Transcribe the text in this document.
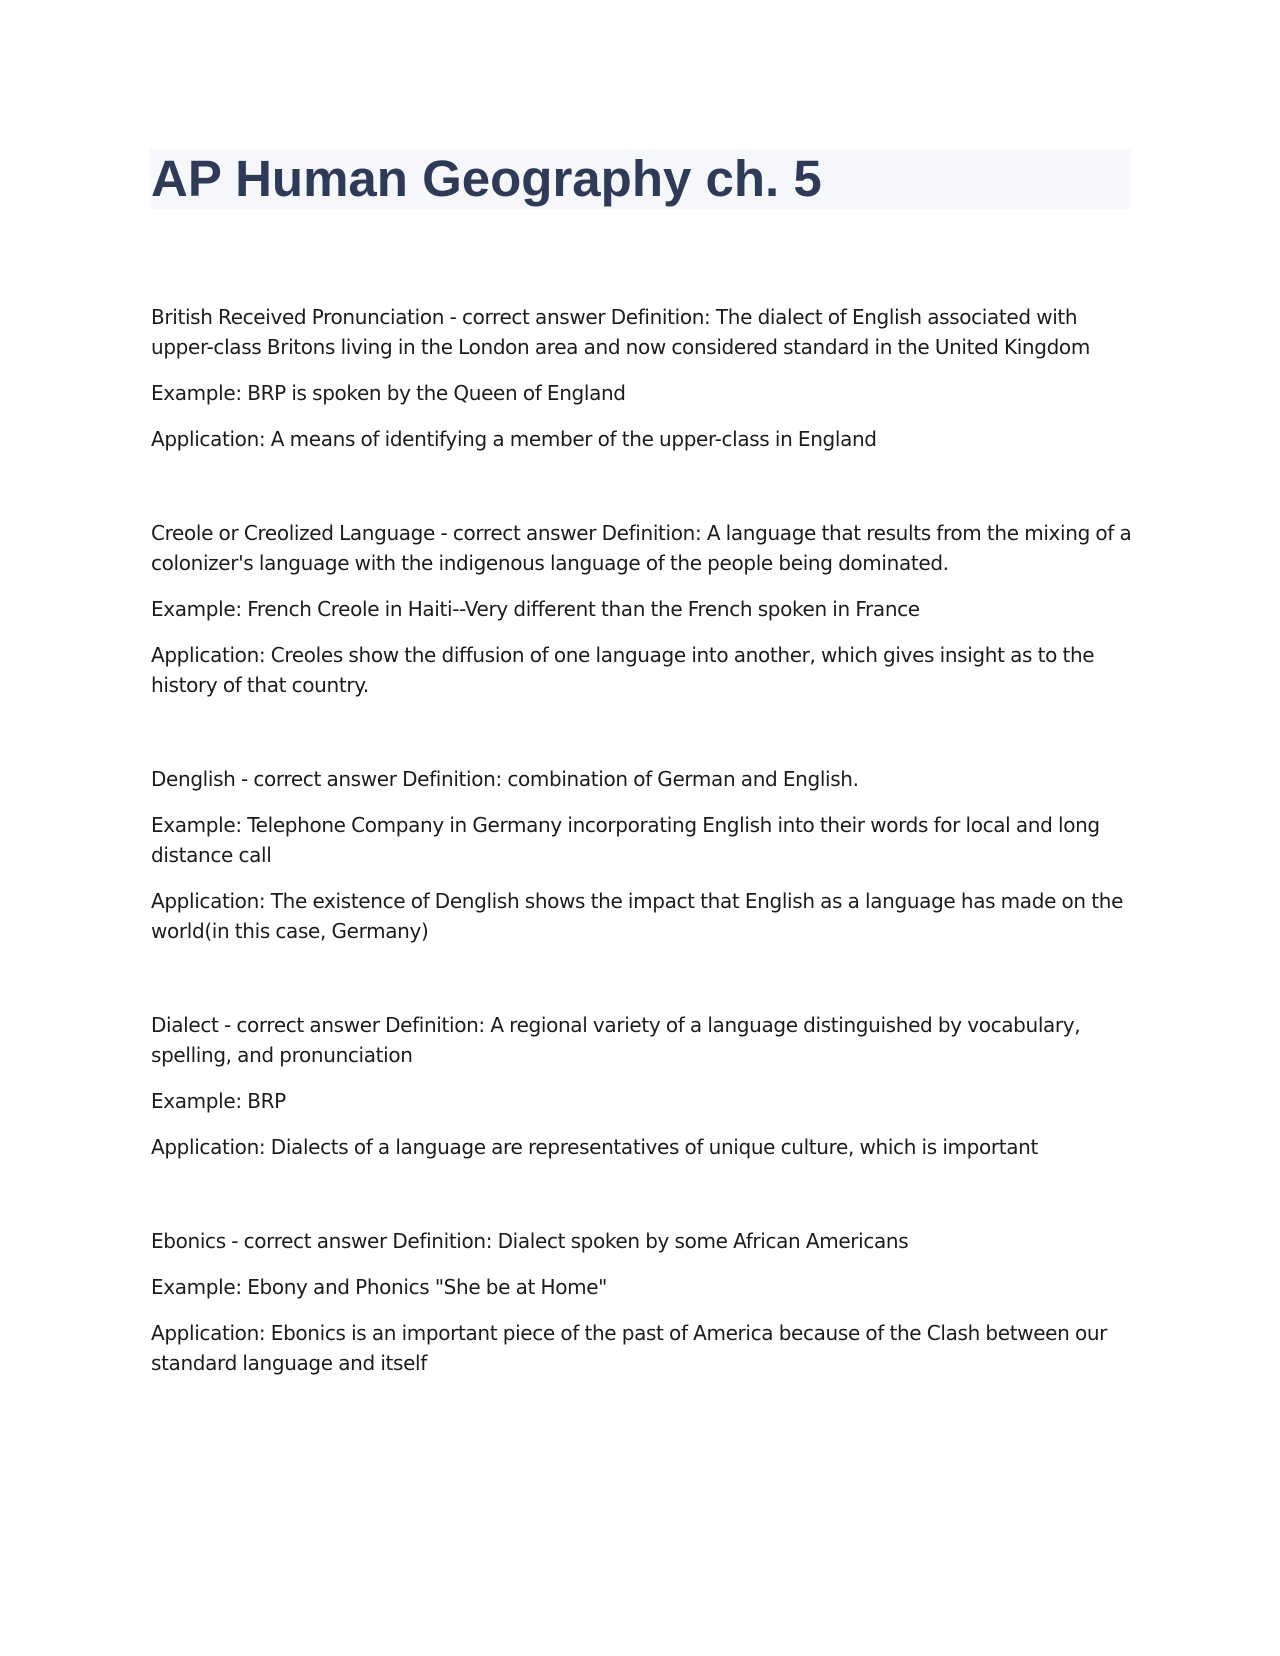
AP Human Geography ch. 5

British Received Pronunciation - correct answer Definition: The dialect of English associated with upper-class Britons living in the London area and now considered standard in the United Kingdom

Example: BRP is spoken by the Queen of England

Application: A means of identifying a member of the upper-class in England

Creole or Creolized Language - correct answer Definition: A language that results from the mixing of a colonizer's language with the indigenous language of the people being dominated.

Example: French Creole in Haiti--Very different than the French spoken in France

Application: Creoles show the diffusion of one language into another, which gives insight as to the history of that country.

Denglish - correct answer Definition: combination of German and English.

Example: Telephone Company in Germany incorporating English into their words for local and long distance call

Application: The existence of Denglish shows the impact that English as a language has made on the world(in this case, Germany)

Dialect - correct answer Definition: A regional variety of a language distinguished by vocabulary, spelling, and pronunciation

Example: BRP

Application: Dialects of a language are representatives of unique culture, which is important

Ebonics - correct answer Definition: Dialect spoken by some African Americans

Example: Ebony and Phonics "She be at Home"

Application: Ebonics is an important piece of the past of America because of the Clash between our standard language and itself
